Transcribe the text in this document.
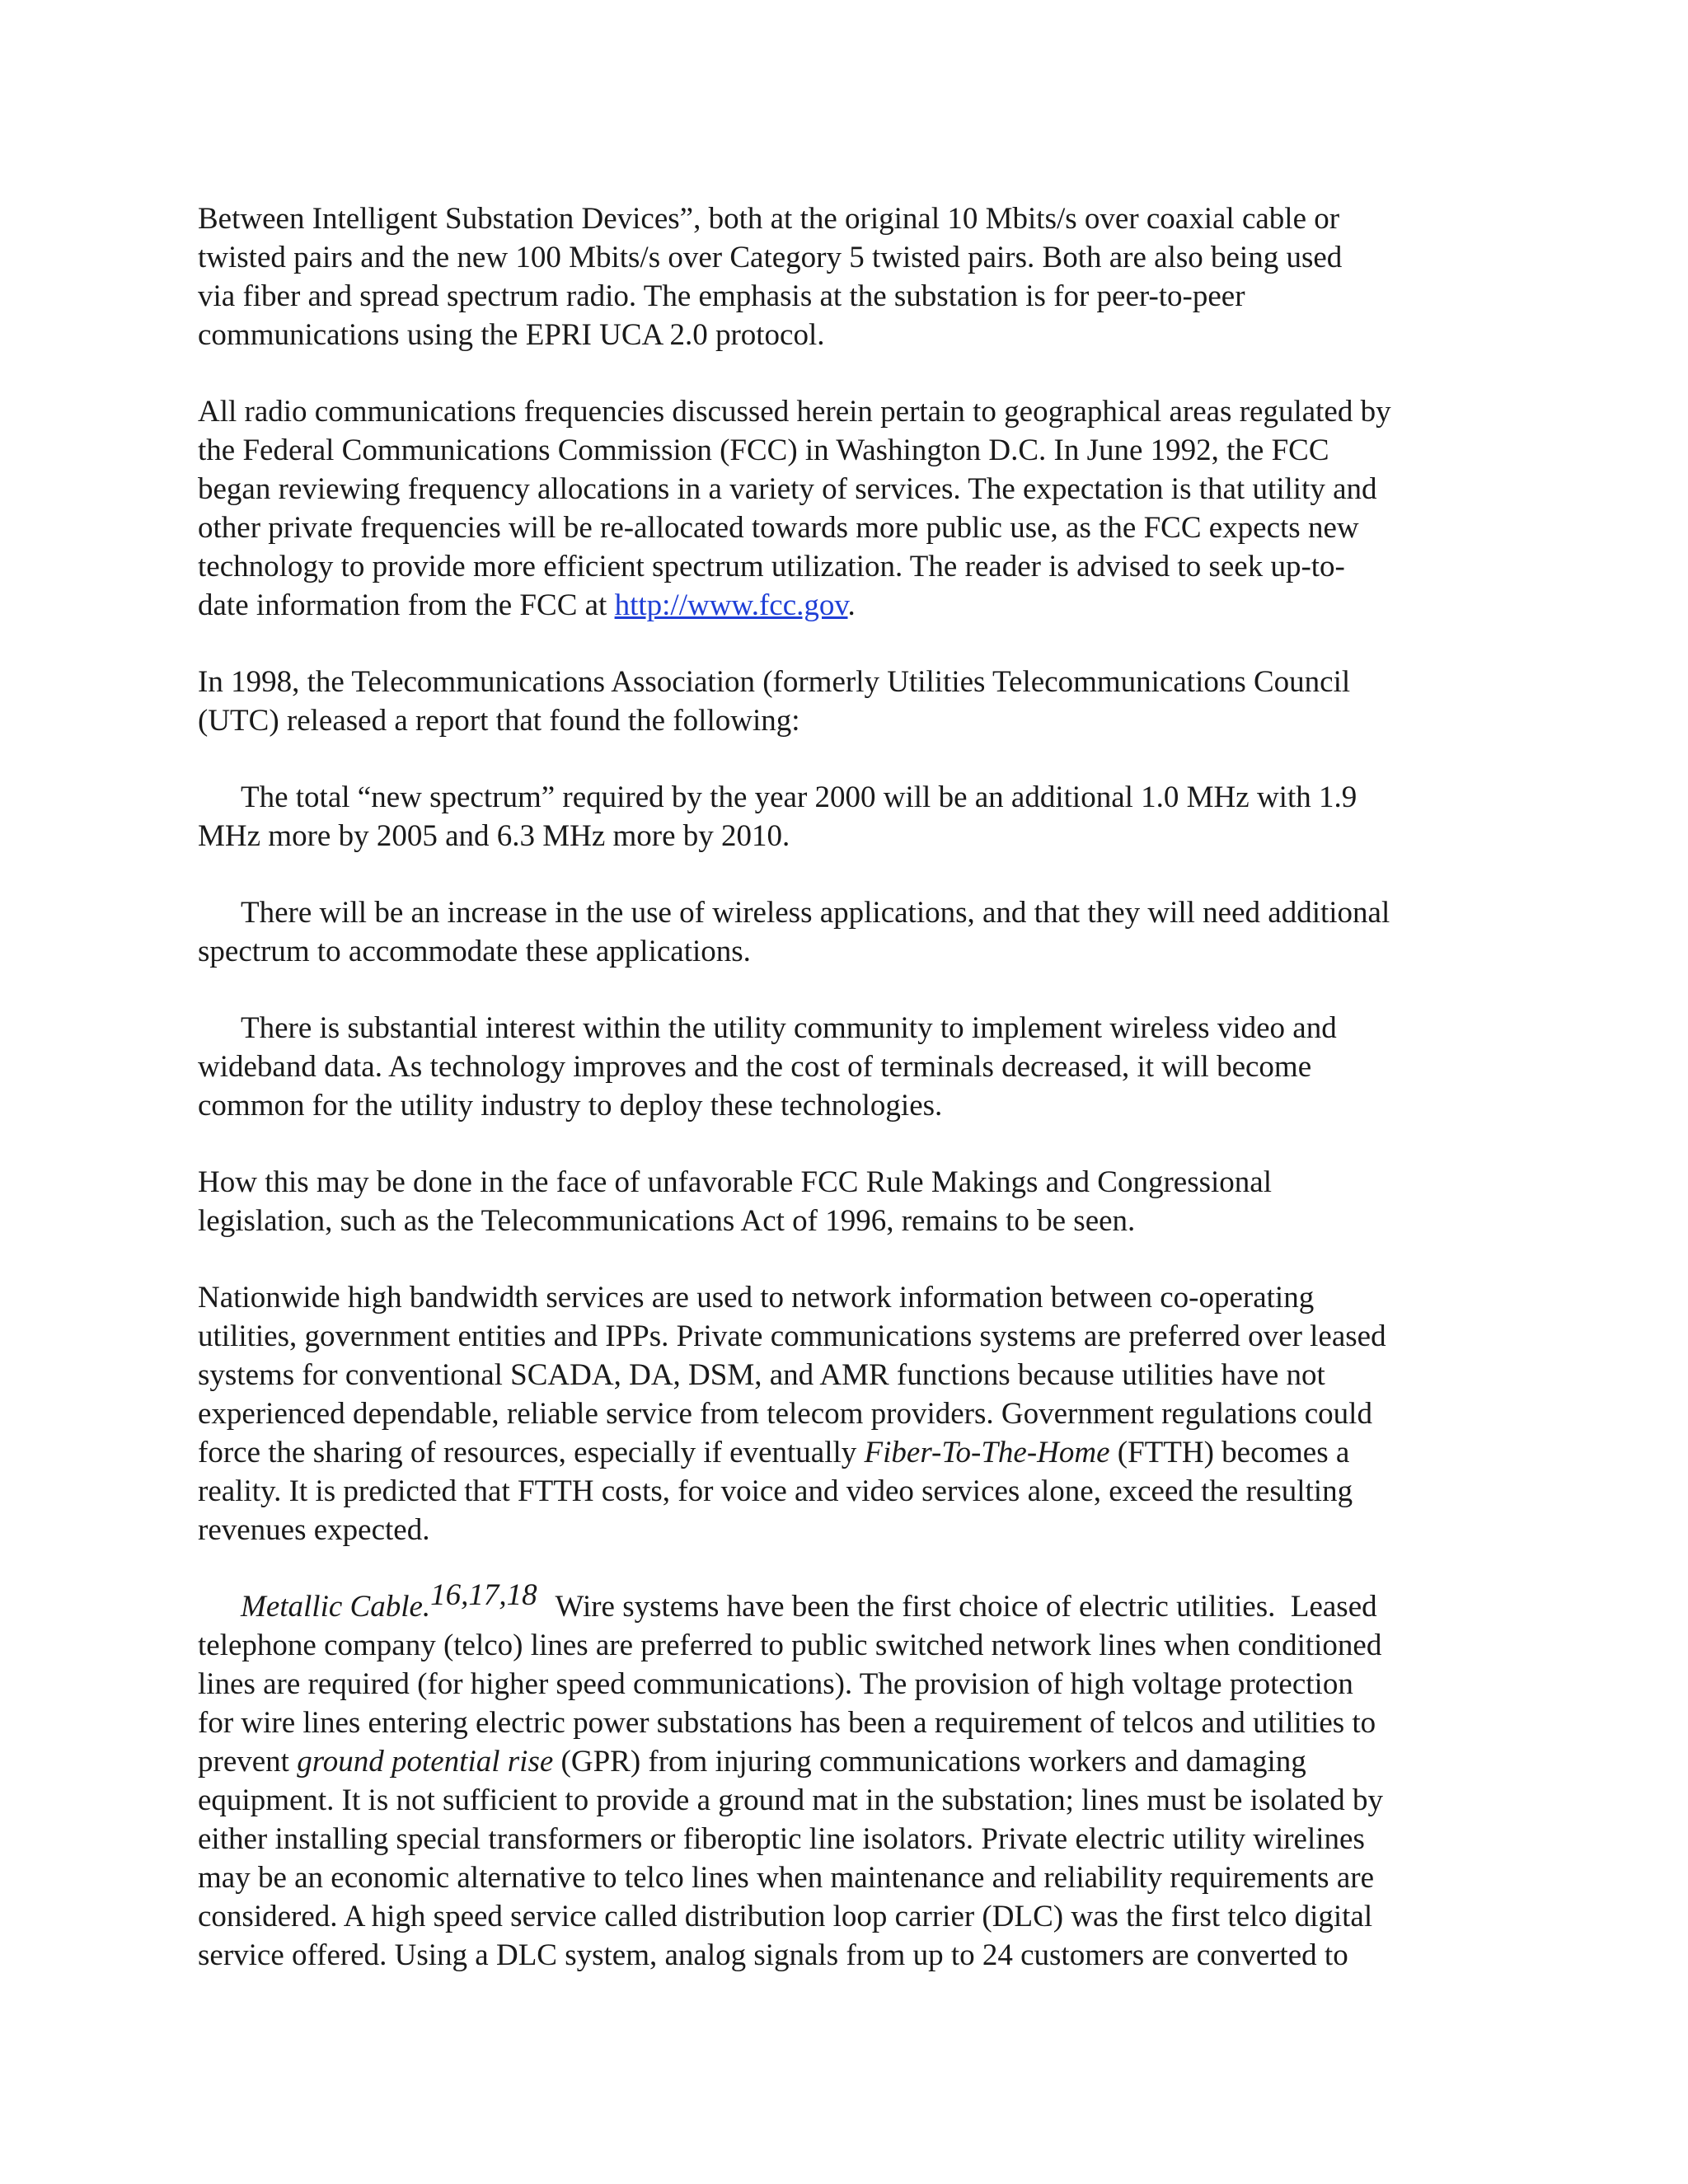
Between Intelligent Substation Devices”, both at the original 10 Mbits/s over coaxial cable or
twisted pairs and the new 100 Mbits/s over Category 5 twisted pairs. Both are also being used
via fiber and spread spectrum radio. The emphasis at the substation is for peer-to-peer
communications using the EPRI UCA 2.0 protocol.
All radio communications frequencies discussed herein pertain to geographical areas regulated by
the Federal Communications Commission (FCC) in Washington D.C. In June 1992, the FCC
began reviewing frequency allocations in a variety of services. The expectation is that utility and
other private frequencies will be re-allocated towards more public use, as the FCC expects new
technology to provide more efficient spectrum utilization. The reader is advised to seek up-to-
date information from the FCC at http://www.fcc.gov.
In 1998, the Telecommunications Association (formerly Utilities Telecommunications Council
(UTC) released a report that found the following:
The total “new spectrum” required by the year 2000 will be an additional 1.0 MHz with 1.9
MHz more by 2005 and 6.3 MHz more by 2010.
There will be an increase in the use of wireless applications, and that they will need additional
spectrum to accommodate these applications.
There is substantial interest within the utility community to implement wireless video and
wideband data. As technology improves and the cost of terminals decreased, it will become
common for the utility industry to deploy these technologies.
How this may be done in the face of unfavorable FCC Rule Makings and Congressional
legislation, such as the Telecommunications Act of 1996, remains to be seen.
Nationwide high bandwidth services are used to network information between co-operating
utilities, government entities and IPPs. Private communications systems are preferred over leased
systems for conventional SCADA, DA, DSM, and AMR functions because utilities have not
experienced dependable, reliable service from telecom providers. Government regulations could
force the sharing of resources, especially if eventually Fiber-To-The-Home (FTTH) becomes a
reality. It is predicted that FTTH costs, for voice and video services alone, exceed the resulting
revenues expected.
Metallic Cable.16,17,18  Wire systems have been the first choice of electric utilities.  Leased
telephone company (telco) lines are preferred to public switched network lines when conditioned
lines are required (for higher speed communications). The provision of high voltage protection
for wire lines entering electric power substations has been a requirement of telcos and utilities to
prevent ground potential rise (GPR) from injuring communications workers and damaging
equipment. It is not sufficient to provide a ground mat in the substation; lines must be isolated by
either installing special transformers or fiberoptic line isolators. Private electric utility wirelines
may be an economic alternative to telco lines when maintenance and reliability requirements are
considered. A high speed service called distribution loop carrier (DLC) was the first telco digital
service offered. Using a DLC system, analog signals from up to 24 customers are converted to
